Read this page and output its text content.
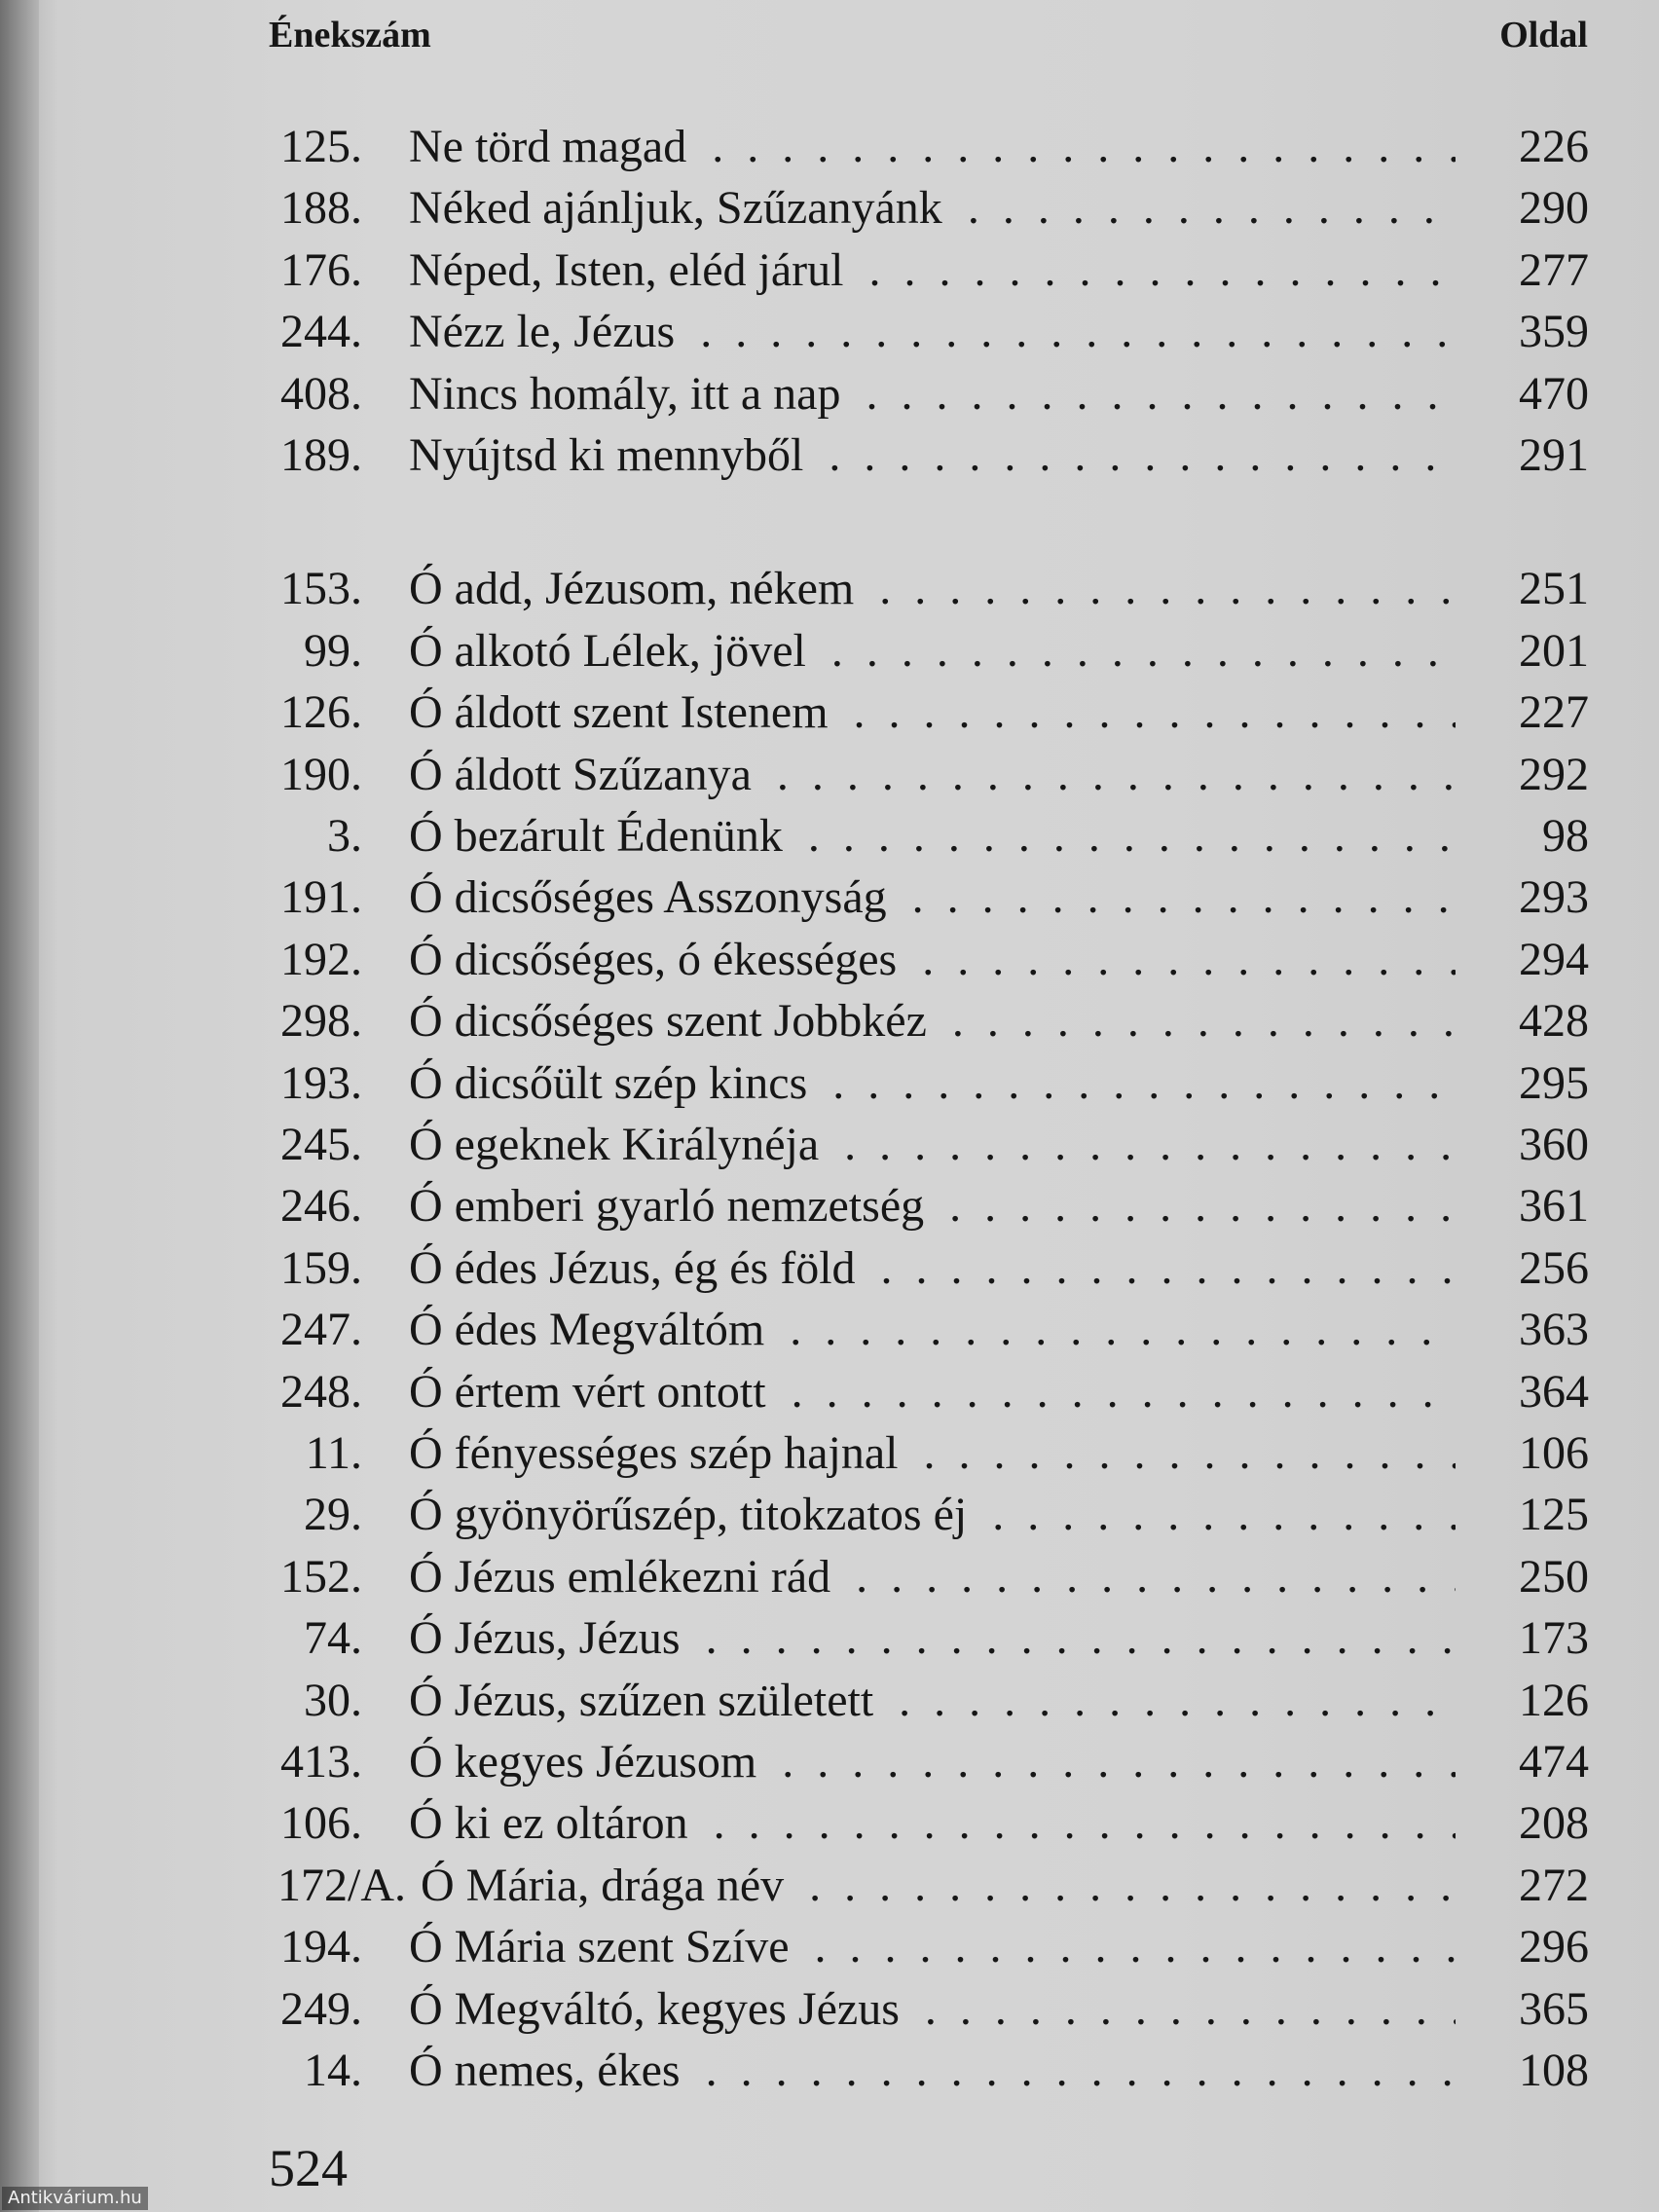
Énekszám	Oldal
125. Ne törd magad . . .	226
188. Néked ajánljuk, Szűzanyánk . . .	290
176. Néped, Isten, eléd járul . . .	277
244. Nézz le, Jézus . . .	359
408. Nincs homály, itt a nap . . .	470
189. Nyújtsd ki mennyből . . .	291
153. Ó add, Jézusom, nékem . . .	251
99. Ó alkotó Lélek, jövel . . .	201
126. Ó áldott szent Istenem . . .	227
190. Ó áldott Szűzanya . . .	292
3. Ó bezárult Édenünk . . .	98
191. Ó dicsőséges Asszonyság . . .	293
192. Ó dicsőséges, ó ékességes . . .	294
298. Ó dicsőséges szent Jobbkéz . . .	428
193. Ó dicsőült szép kincs . . .	295
245. Ó egeknek Királynéja . . .	360
246. Ó emberi gyarló nemzetség . . .	361
159. Ó édes Jézus, ég és föld . . .	256
247. Ó édes Megváltóm . . .	363
248. Ó értem vért ontott . . .	364
11. Ó fényességes szép hajnal . . .	106
29. Ó gyönyörűszép, titokzatos éj . . .	125
152. Ó Jézus emlékezni rád . . .	250
74. Ó Jézus, Jézus . . .	173
30. Ó Jézus, szűzen született . . .	126
413. Ó kegyes Jézusom . . .	474
106. Ó ki ez oltáron . . .	208
172/A. Ó Mária, drága név . . .	272
194. Ó Mária szent Szíve . . .	296
249. Ó Megváltó, kegyes Jézus . . .	365
14. Ó nemes, ékes . . .	108
524
Antikvárium.hu
